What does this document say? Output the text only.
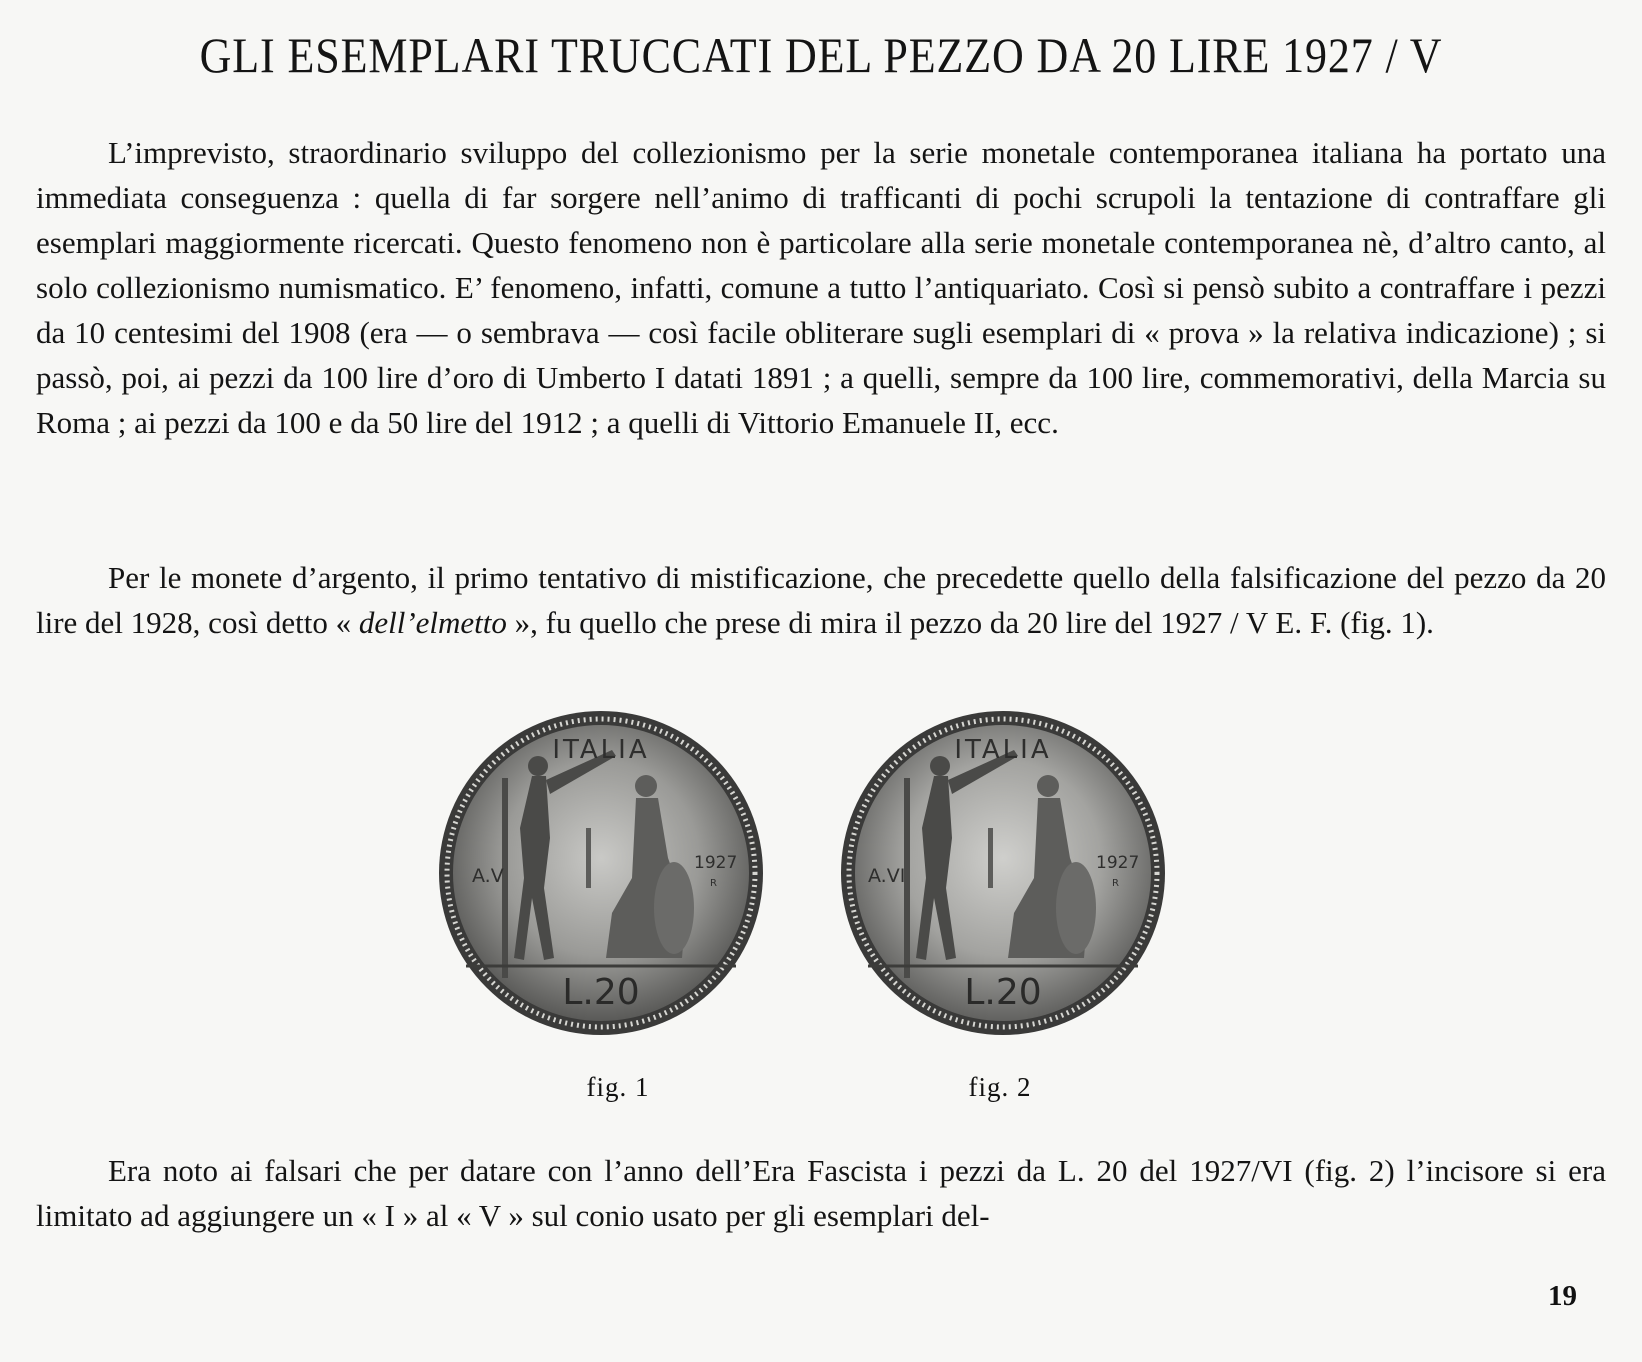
GLI ESEMPLARI TRUCCATI DEL PEZZO DA 20 LIRE 1927 / V

L’imprevisto, straordinario sviluppo del collezionismo per la serie monetale contemporanea italiana ha portato una immediata conseguenza : quella di far sorgere nell’animo di trafficanti di pochi scrupoli la tentazione di contraffare gli esemplari maggiormente ricercati. Questo fenomeno non è particolare alla serie monetale contemporanea nè, d’altro canto, al solo collezionismo numismatico. E’ fenomeno, infatti, comune a tutto l’antiquariato. Così si pensò subito a contraffare i pezzi da 10 centesimi del 1908 (era — o sembrava — così facile obliterare sugli esemplari di « prova » la relativa indicazione) ; si passò, poi, ai pezzi da 100 lire d’oro di Umberto I datati 1891 ; a quelli, sempre da 100 lire, commemorativi, della Marcia su Roma ; ai pezzi da 100 e da 50 lire del 1912 ; a quelli di Vittorio Emanuele II, ecc.

Per le monete d’argento, il primo tentativo di mistificazione, che precedette quello della falsificazione del pezzo da 20 lire del 1928, così detto « dell’elmetto », fu quello che prese di mira il pezzo da 20 lire del 1927 / V E. F. (fig. 1).

ITALIA
A.V
1927
R
L.20
fig. 1
ITALIA
A.VI
1927
R
L.20
fig. 2

Era noto ai falsari che per datare con l’anno dell’Era Fascista i pezzi da L. 20 del 1927/VI (fig. 2) l’incisore si era limitato ad aggiungere un « I » al « V » sul conio usato per gli esemplari del-

19
